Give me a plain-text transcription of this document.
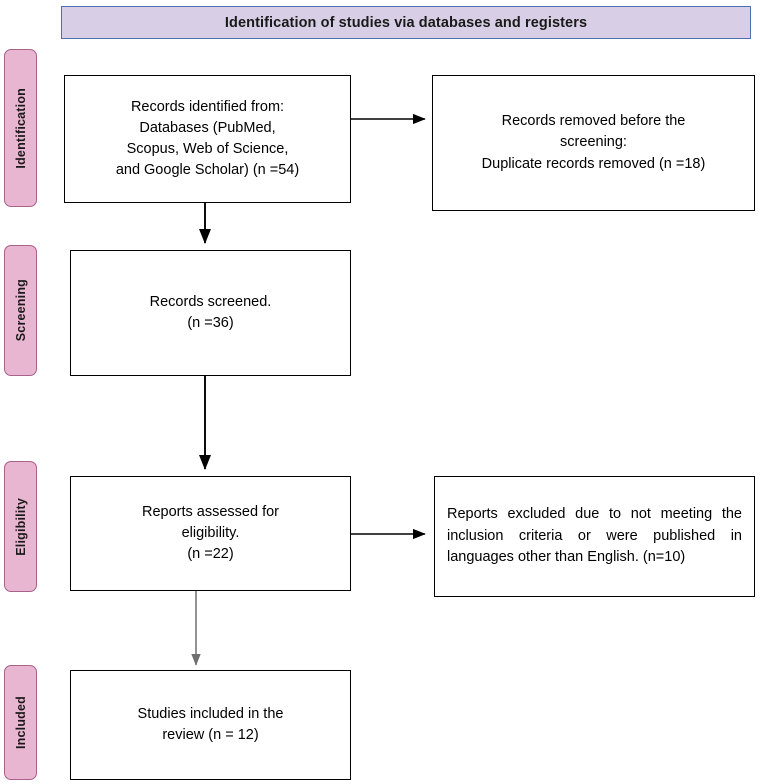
Identification of studies via databases and registers
Identification
Screening
Eligibility
Included
Records identified from:
Databases (PubMed,
Scopus, Web of Science,
and Google Scholar) (n =54)
Records removed before the
screening:
Duplicate records removed (n =18)
Records screened.
(n =36)
Reports assessed for
eligibility.
(n =22)
Reports excluded due to not meeting the inclusion criteria or were published in languages other than English. (n=10)
Studies included in the
review (n = 12)
